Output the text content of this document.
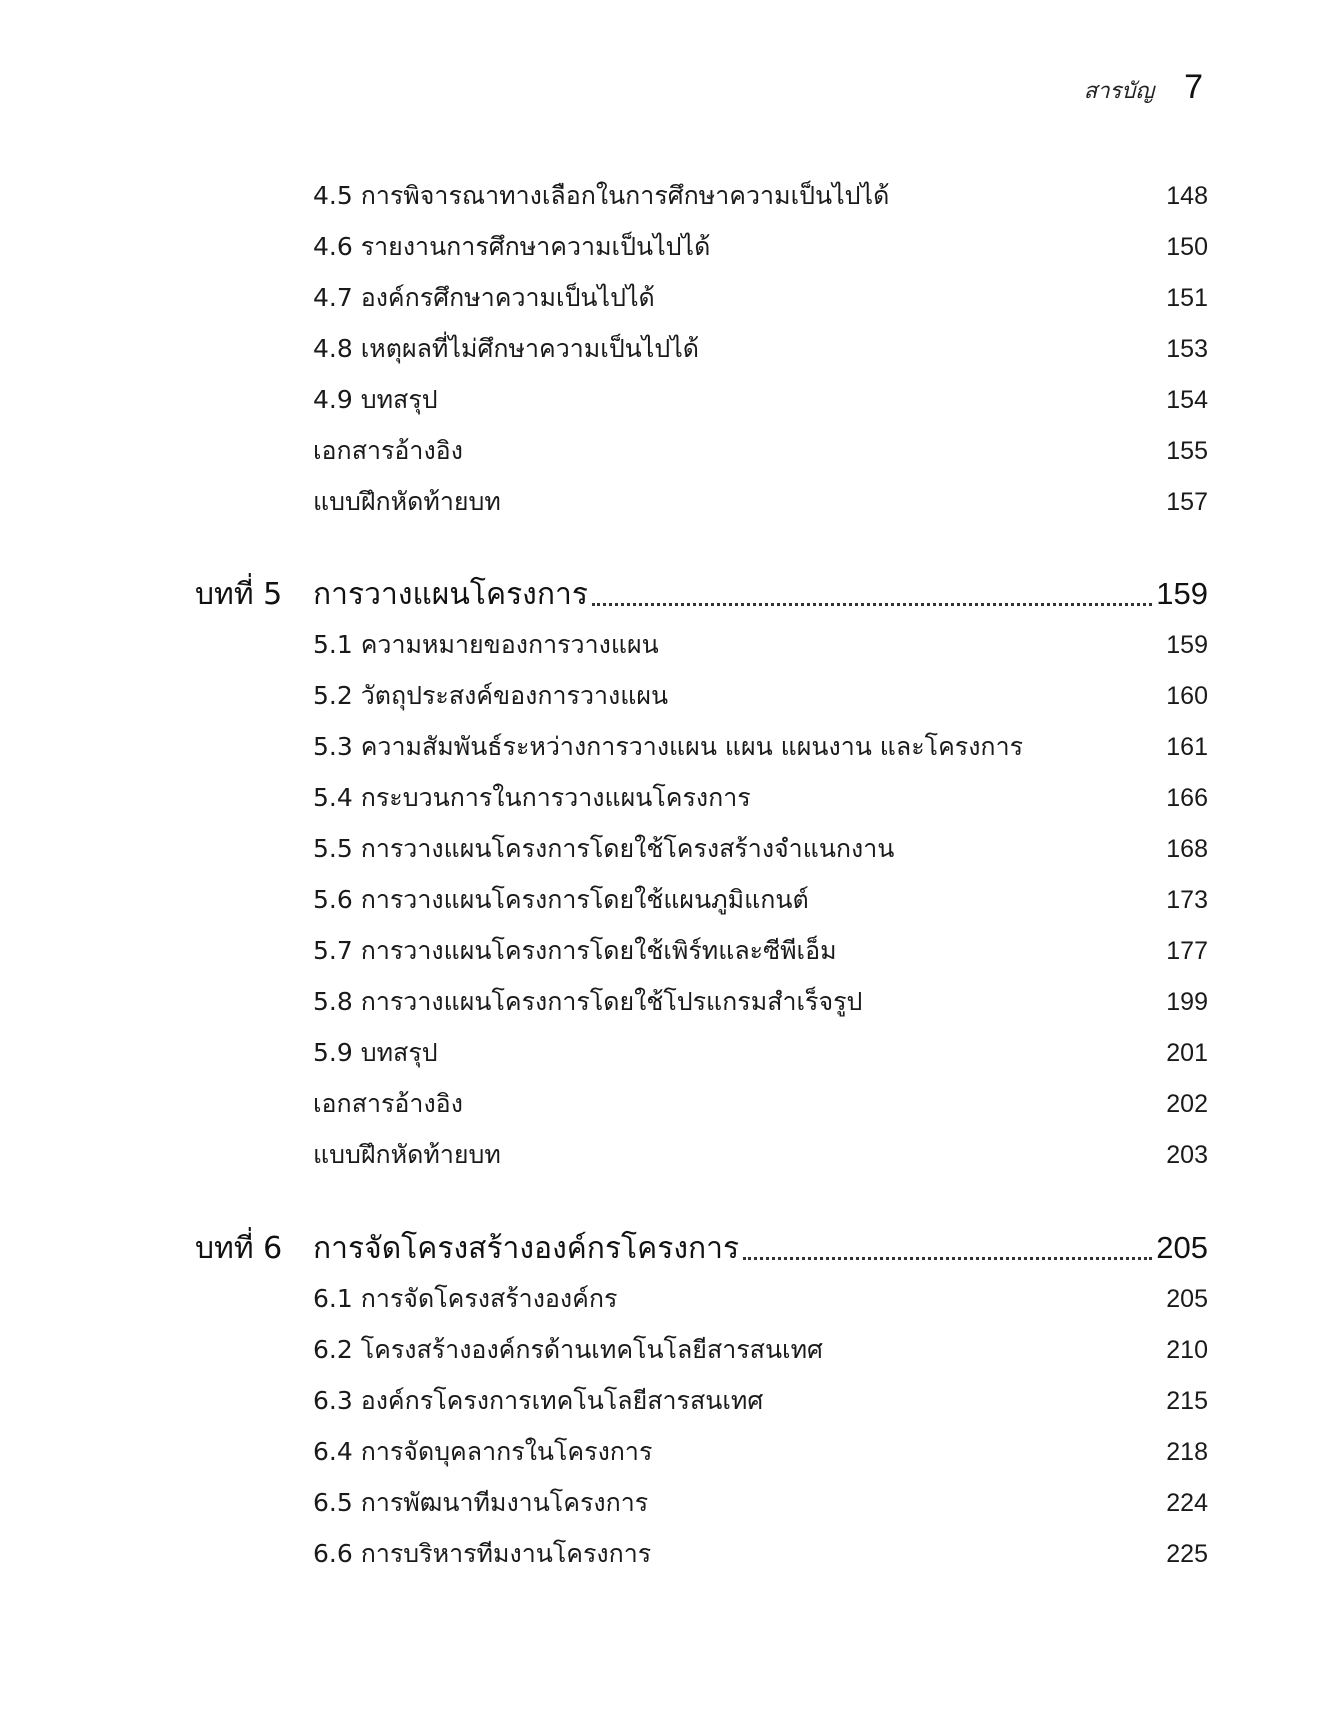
สารบัญ 7
4.5 การพิจารณาทางเลือกในการศึกษาความเป็นไปได้	148
4.6 รายงานการศึกษาความเป็นไปได้	150
4.7 องค์กรศึกษาความเป็นไปได้	151
4.8 เหตุผลที่ไม่ศึกษาความเป็นไปได้	153
4.9 บทสรุป	154
เอกสารอ้างอิง	155
แบบฝึกหัดท้ายบท	157
บทที่ 5	การวางแผนโครงการ	159
5.1 ความหมายของการวางแผน	159
5.2 วัตถุประสงค์ของการวางแผน	160
5.3 ความสัมพันธ์ระหว่างการวางแผน แผน แผนงาน และโครงการ	161
5.4 กระบวนการในการวางแผนโครงการ	166
5.5 การวางแผนโครงการโดยใช้โครงสร้างจำแนกงาน	168
5.6 การวางแผนโครงการโดยใช้แผนภูมิแกนต์	173
5.7 การวางแผนโครงการโดยใช้เพิร์ทและซีพีเอ็ม	177
5.8 การวางแผนโครงการโดยใช้โปรแกรมสำเร็จรูป	199
5.9 บทสรุป	201
เอกสารอ้างอิง	202
แบบฝึกหัดท้ายบท	203
บทที่ 6	การจัดโครงสร้างองค์กรโครงการ	205
6.1 การจัดโครงสร้างองค์กร	205
6.2 โครงสร้างองค์กรด้านเทคโนโลยีสารสนเทศ	210
6.3 องค์กรโครงการเทคโนโลยีสารสนเทศ	215
6.4 การจัดบุคลากรในโครงการ	218
6.5 การพัฒนาทีมงานโครงการ	224
6.6 การบริหารทีมงานโครงการ	225
